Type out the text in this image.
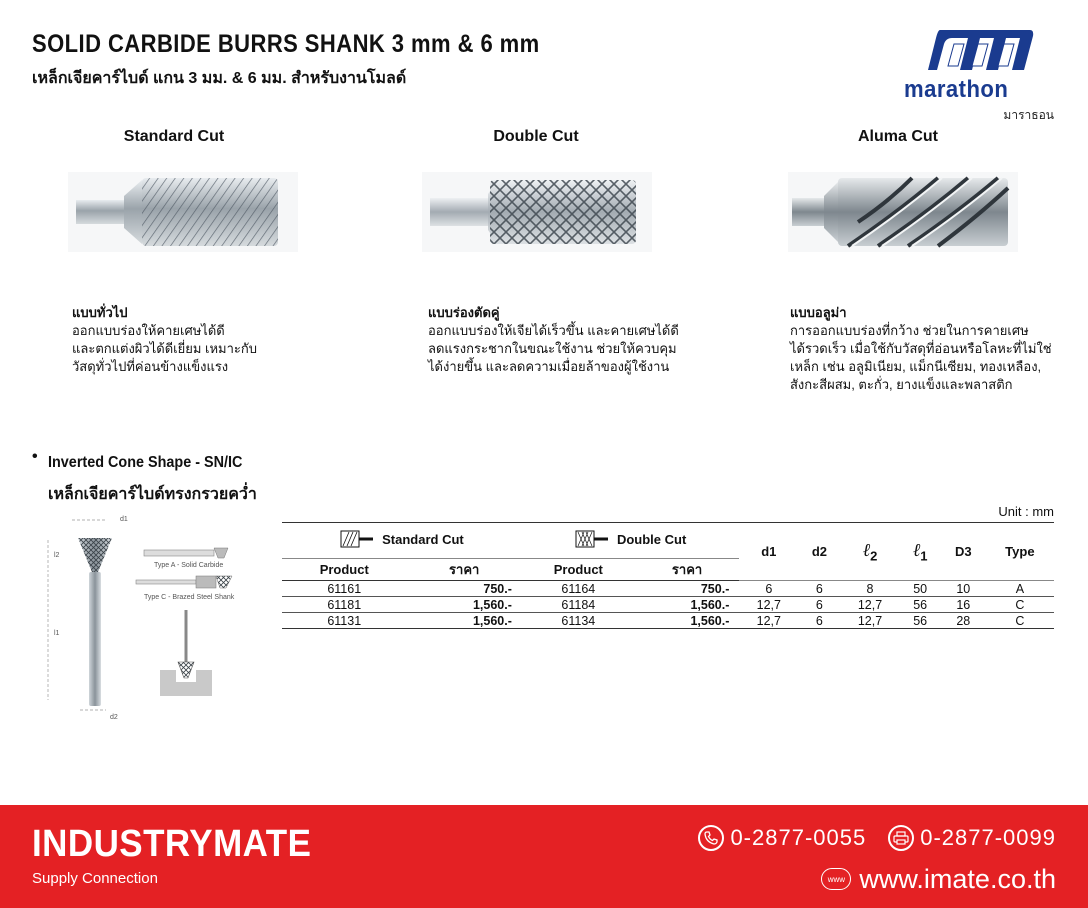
SOLID CARBIDE BURRS SHANK 3 mm & 6 mm
เหล็กเจียคาร์ไบด์ แกน 3 มม. & 6 มม. สำหรับงานโมลด์	marathon
มาราธอน
Standard Cut
แบบทั่วไป
ออกแบบร่องให้คายเศษได้ดี
และตกแต่งผิวได้ดีเยี่ยม เหมาะกับ
วัสดุทั่วไปที่ค่อนข้างแข็งแรง
Double Cut
แบบร่องตัดคู่
ออกแบบร่องให้เจียได้เร็วขึ้น และคายเศษได้ดี
ลดแรงกระชากในขณะใช้งาน ช่วยให้ควบคุม
ได้ง่ายขึ้น และลดความเมื่อยล้าของผู้ใช้งาน
Aluma Cut
แบบอลูม่า
การออกแบบร่องที่กว้าง ช่วยในการคายเศษ
ได้รวดเร็ว เมื่อใช้กับวัสดุที่อ่อนหรือโลหะที่ไม่ใช่
เหล็ก เช่น อลูมิเนียม, แม็กนีเซียม, ทองเหลือง,
สังกะสีผสม, ตะกั่ว, ยางแข็งและพลาสติก
• Inverted Cone Shape - SN/IC
เหล็กเจียคาร์ไบด์ทรงกรวยคว่ำ
d1
l2
l1
d2
Type A - Solid Carbide
Type C - Brazed Steel Shank
Unit : mm
Standard Cut		Double Cut		d1	d2	ℓ$_2$	ℓ$_1$	D3	Type
Product	ราคา	Product	ราคา						
61161	750.-	61164	750.-	6	6	8	50	10	A
61181	1,560.-	61184	1,560.-	12,7	6	12,7	56	16	C
61131	1,560.-	61134	1,560.-	12,7	6	12,7	56	28	C
INDUSTRYMATE
Supply Connection
0-2877-0055 0-2877-0099
www www.imate.co.th
